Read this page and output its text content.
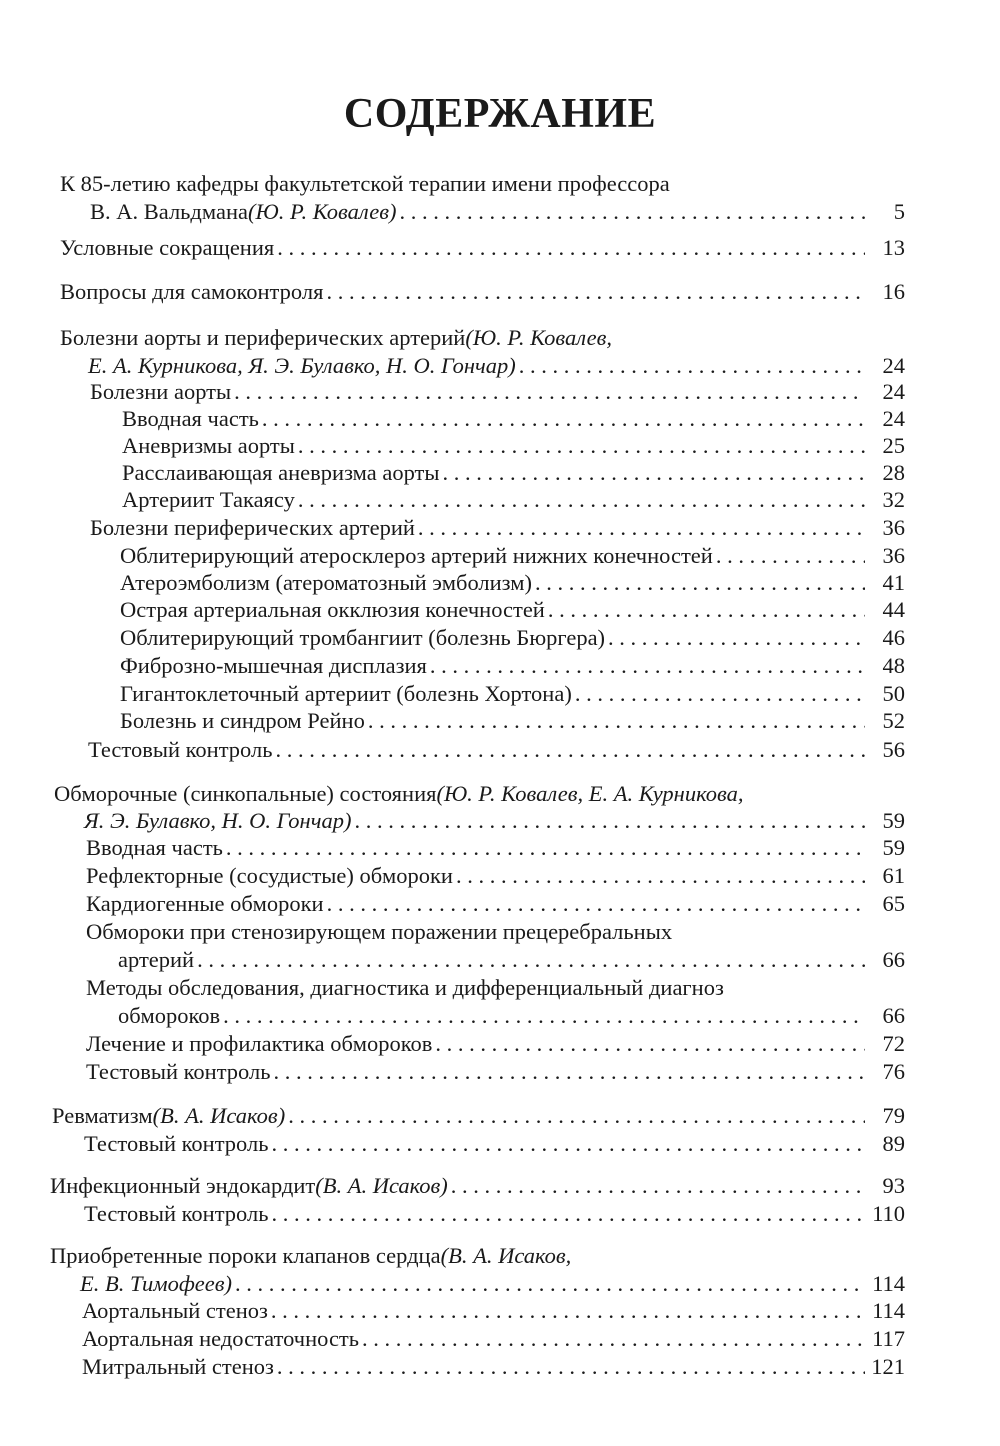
СОДЕРЖАНИЕ
К 85-летию кафедры факультетской терапии имени профессора
В. А. Вальдмана (Ю. Р. Ковалев) . . .	5
Условные сокращения . . .	13
Вопросы для самоконтроля . . .	16
Болезни аорты и периферических артерий (Ю. Р. Ковалев,
Е. А. Курникова, Я. Э. Булавко, Н. О. Гончар) . . .	24
Болезни аорты . . .	24
Вводная часть . . .	24
Аневризмы аорты . . .	25
Расслаивающая аневризма аорты . . .	28
Артериит Такаясу . . .	32
Болезни периферических артерий . . .	36
Облитерирующий атеросклероз артерий нижних конечностей . . .	36
Атероэмболизм (атероматозный эмболизм) . . .	41
Острая артериальная окклюзия конечностей . . .	44
Облитерирующий тромбангиит (болезнь Бюргера) . . .	46
Фиброзно-мышечная дисплазия . . .	48
Гигантоклеточный артериит (болезнь Хортона) . . .	50
Болезнь и синдром Рейно . . .	52
Тестовый контроль . . .	56
Обморочные (синкопальные) состояния (Ю. Р. Ковалев, Е. А. Курникова,
Я. Э. Булавко, Н. О. Гончар) . . .	59
Вводная часть . . .	59
Рефлекторные (сосудистые) обмороки . . .	61
Кардиогенные обмороки . . .	65
Обмороки при стенозирующем поражении прецеребральных
артерий . . .	66
Методы обследования, диагностика и дифференциальный диагноз
обмороков . . .	66
Лечение и профилактика обмороков . . .	72
Тестовый контроль . . .	76
Ревматизм (В. А. Исаков) . . .	79
Тестовый контроль . . .	89
Инфекционный эндокардит (В. А. Исаков) . . .	93
Тестовый контроль . . .	110
Приобретенные пороки клапанов сердца (В. А. Исаков,
Е. В. Тимофеев) . . .	114
Аортальный стеноз . . .	114
Аортальная недостаточность . . .	117
Митральный стеноз . . .	121
